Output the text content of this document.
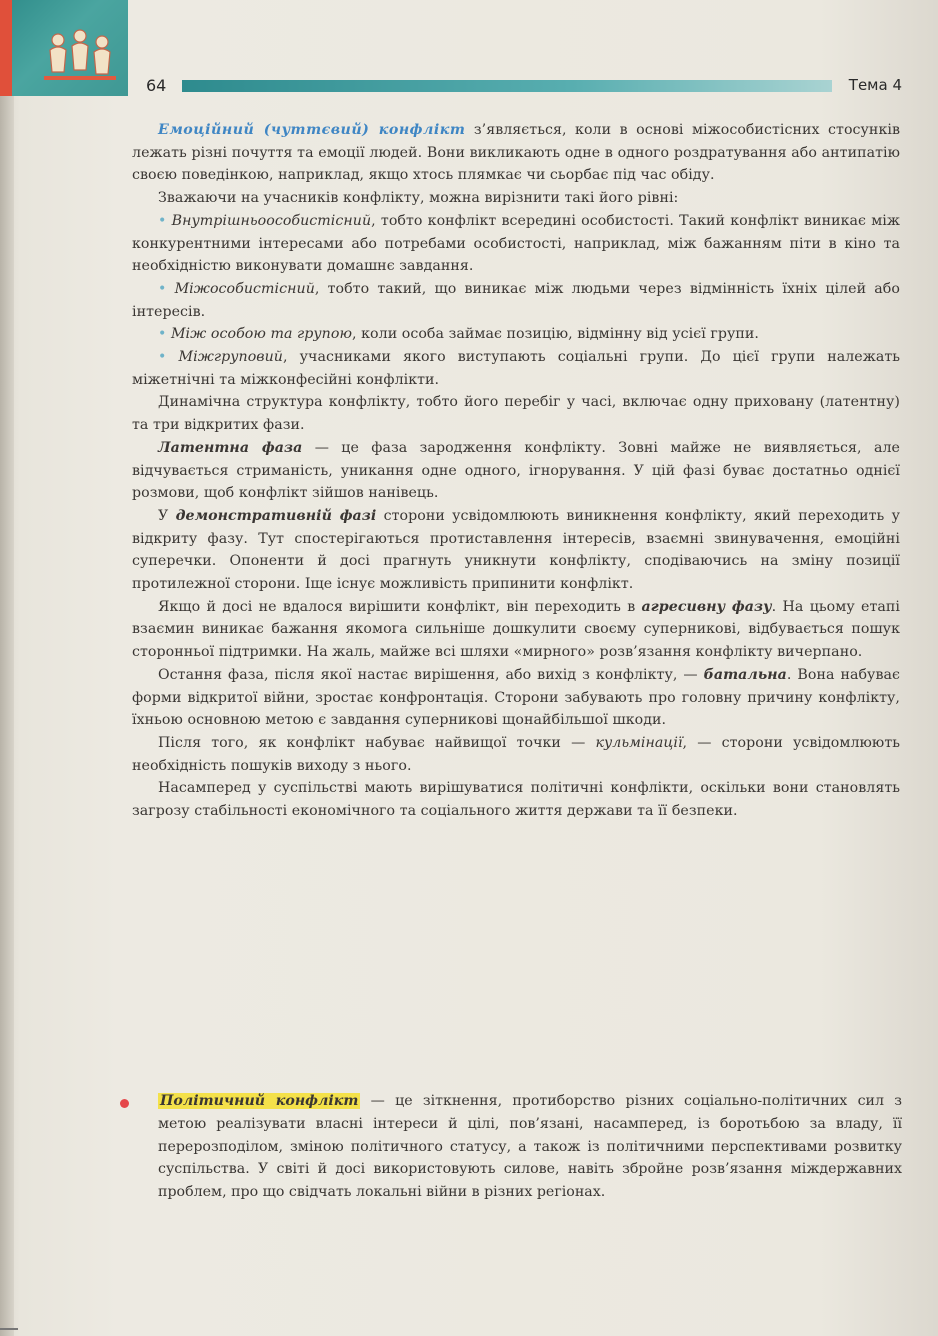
64	Тема 4

Емоційний (чуттєвий) конфлікт з’являється, коли в основі міжособистісних стосунків лежать різні почуття та емоції людей. Вони викликають одне в одного роздратування або антипатію своєю поведінкою, наприклад, якщо хтось плямкає чи сьорбає під час обіду.

Зважаючи на учасників конфлікту, можна вирізнити такі його рівні:

• Внутрішньоособистісний, тобто конфлікт всередині особистості. Такий конфлікт виникає між конкурентними інтересами або потребами особистості, наприклад, між бажанням піти в кіно та необхідністю виконувати домашнє завдання.

• Міжособистісний, тобто такий, що виникає між людьми через відмінність їхніх цілей або інтересів.

• Між особою та групою, коли особа займає позицію, відмінну від усієї групи.

• Міжгруповий, учасниками якого виступають соціальні групи. До цієї групи належать міжетнічні та міжконфесійні конфлікти.

Динамічна структура конфлікту, тобто його перебіг у часі, включає одну приховану (латентну) та три відкритих фази.

Латентна фаза — це фаза зародження конфлікту. Зовні майже не виявляється, але відчувається стриманість, уникання одне одного, ігнорування. У цій фазі буває достатньо однієї розмови, щоб конфлікт зійшов нанівець.

У демонстративній фазі сторони усвідомлюють виникнення конфлікту, який переходить у відкриту фазу. Тут спостерігаються протиставлення інтересів, взаємні звинувачення, емоційні суперечки. Опоненти й досі прагнуть уникнути конфлікту, сподіваючись на зміну позиції протилежної сторони. Іще існує можливість припинити конфлікт.

Якщо й досі не вдалося вирішити конфлікт, він переходить в агресивну фазу. На цьому етапі взаємин виникає бажання якомога сильніше дошкулити своєму суперникові, відбувається пошук сторонньої підтримки. На жаль, майже всі шляхи «мирного» розв’язання конфлікту вичерпано.

Остання фаза, після якої настає вирішення, або вихід з конфлікту, — батальна. Вона набуває форми відкритої війни, зростає конфронтація. Сторони забувають про головну причину конфлікту, їхньою основною метою є завдання суперникові щонайбільшої шкоди.

Після того, як конфлікт набуває найвищої точки — кульмінації, — сторони усвідомлюють необхідність пошуків виходу з нього.

Насамперед у суспільстві мають вирішуватися політичні конфлікти, оскільки вони становлять загрозу стабільності економічного та соціального життя держави та її безпеки.

Політичний конфлікт — це зіткнення, протиборство різних соціально-політичних сил з метою реалізувати власні інтереси й цілі, пов’язані, насамперед, із боротьбою за владу, її перерозподілом, зміною політичного статусу, а також із політичними перспективами розвитку суспільства. У світі й досі використовують силове, навіть збройне розв’язання міждержавних проблем, про що свідчать локальні війни в різних регіонах.
